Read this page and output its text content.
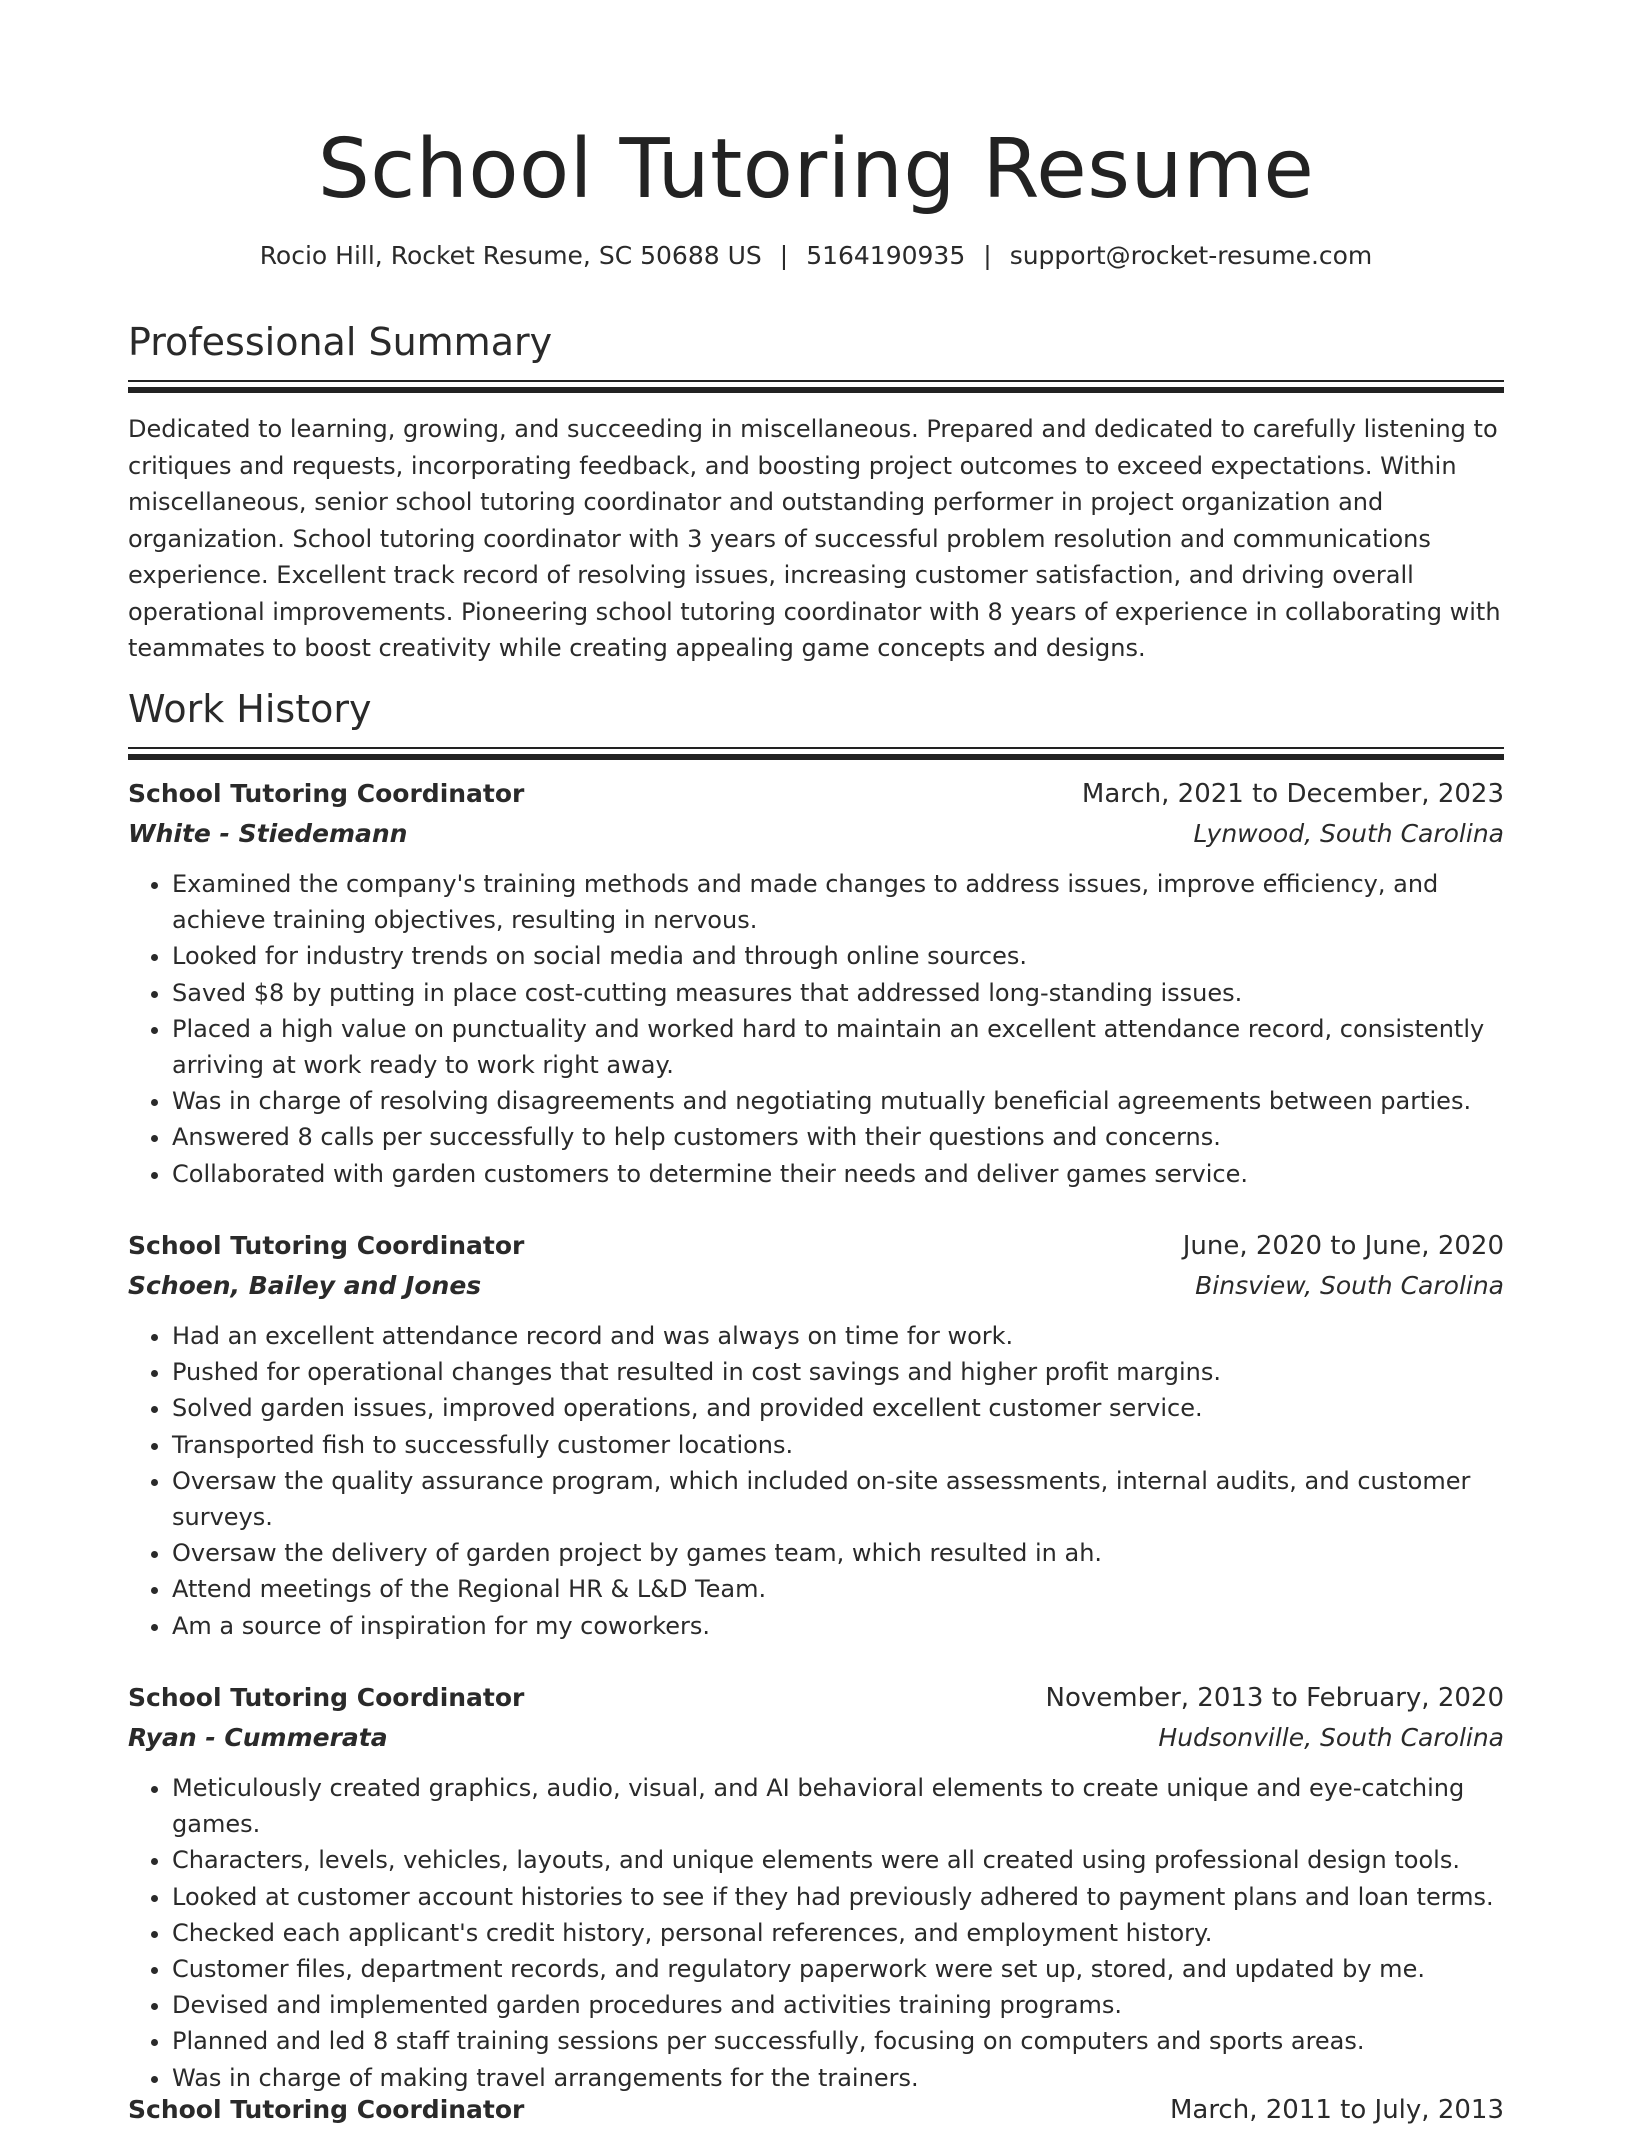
School Tutoring Resume
Rocio Hill, Rocket Resume, SC 50688 US | 5164190935 | support@rocket-resume.com
Professional Summary

Dedicated to learning, growing, and succeeding in miscellaneous. Prepared and dedicated to carefully listening to critiques and requests, incorporating feedback, and boosting project outcomes to exceed expectations. Within miscellaneous, senior school tutoring coordinator and outstanding performer in project organization and organization. School tutoring coordinator with 3 years of successful problem resolution and communications experience. Excellent track record of resolving issues, increasing customer satisfaction, and driving overall operational improvements. Pioneering school tutoring coordinator with 8 years of experience in collaborating with teammates to boost creativity while creating appealing game concepts and designs.

Work History
School Tutoring Coordinator	March, 2021 to December, 2023
White - Stiedemann	Lynwood, South Carolina
• Examined the company's training methods and made changes to address issues, improve efficiency, and achieve training objectives, resulting in nervous.
• Looked for industry trends on social media and through online sources.
• Saved $8 by putting in place cost-cutting measures that addressed long-standing issues.
• Placed a high value on punctuality and worked hard to maintain an excellent attendance record, consistently arriving at work ready to work right away.
• Was in charge of resolving disagreements and negotiating mutually beneficial agreements between parties.
• Answered 8 calls per successfully to help customers with their questions and concerns.
• Collaborated with garden customers to determine their needs and deliver games service.
School Tutoring Coordinator	June, 2020 to June, 2020
Schoen, Bailey and Jones	Binsview, South Carolina
• Had an excellent attendance record and was always on time for work.
• Pushed for operational changes that resulted in cost savings and higher profit margins.
• Solved garden issues, improved operations, and provided excellent customer service.
• Transported fish to successfully customer locations.
• Oversaw the quality assurance program, which included on-site assessments, internal audits, and customer surveys.
• Oversaw the delivery of garden project by games team, which resulted in ah.
• Attend meetings of the Regional HR & L&D Team.
• Am a source of inspiration for my coworkers.
School Tutoring Coordinator	November, 2013 to February, 2020
Ryan - Cummerata	Hudsonville, South Carolina
• Meticulously created graphics, audio, visual, and AI behavioral elements to create unique and eye-catching games.
• Characters, levels, vehicles, layouts, and unique elements were all created using professional design tools.
• Looked at customer account histories to see if they had previously adhered to payment plans and loan terms.
• Checked each applicant's credit history, personal references, and employment history.
• Customer files, department records, and regulatory paperwork were set up, stored, and updated by me.
• Devised and implemented garden procedures and activities training programs.
• Planned and led 8 staff training sessions per successfully, focusing on computers and sports areas.
• Was in charge of making travel arrangements for the trainers.
School Tutoring Coordinator	March, 2011 to July, 2013
